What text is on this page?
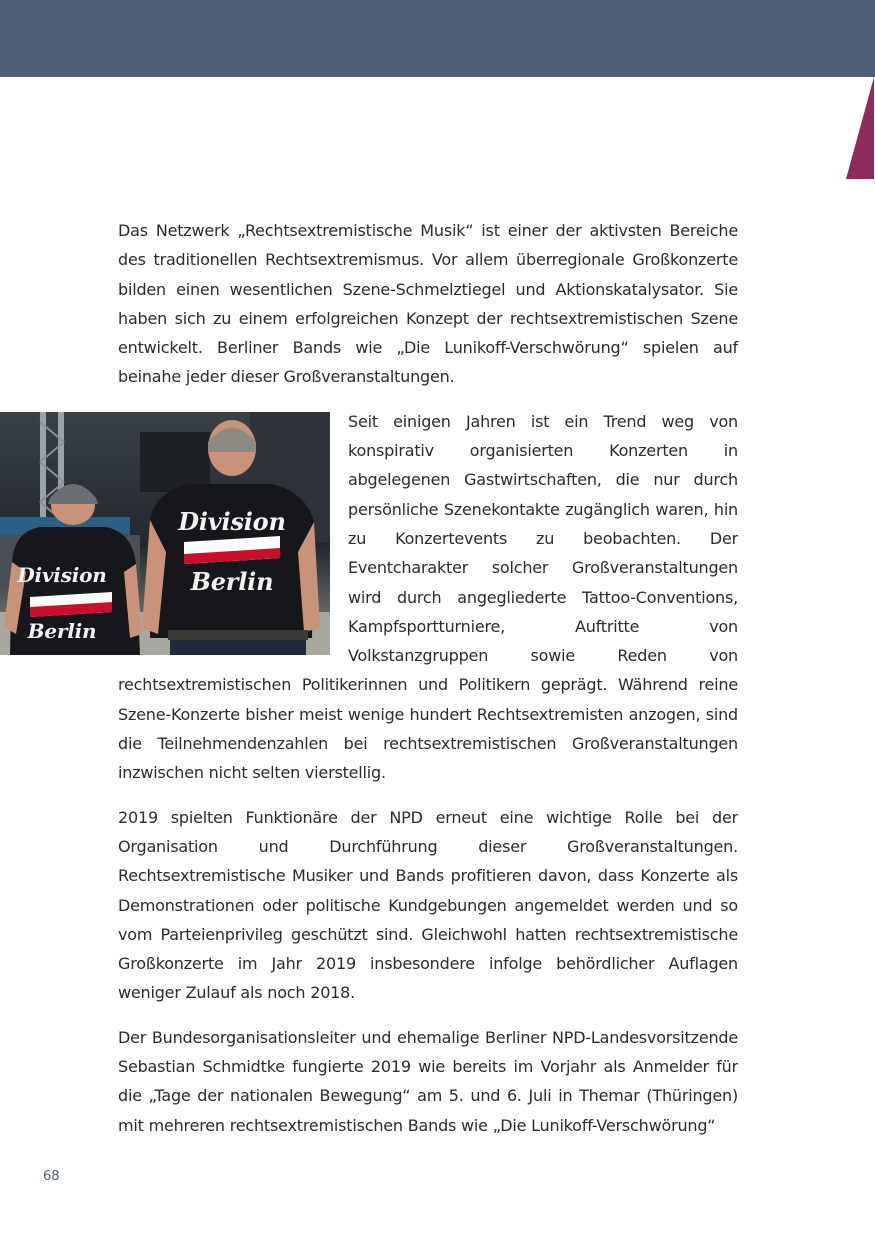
Das Netzwerk „Rechtsextremistische Musik“ ist einer der aktivsten Bereiche des traditionellen Rechtsextremismus. Vor allem überregionale Großkonzerte bilden einen wesentlichen Szene-Schmelztiegel und Aktionskatalysator. Sie haben sich zu einem erfolgreichen Konzept der rechtsextremistischen Szene entwickelt. Berliner Bands wie „Die Lunikoff-Verschwörung“ spielen auf beinahe jeder dieser Großveranstaltungen.

Division
Berlin
Division
Berlin

Seit einigen Jahren ist ein Trend weg von konspirativ organisierten Konzerten in abgelegenen Gastwirtschaften, die nur durch persönliche Szenekontakte zugänglich waren, hin zu Konzertevents zu beobachten. Der Eventcharakter solcher Großveranstaltungen wird durch angegliederte Tattoo-Conventions, Kampfsportturniere, Auftritte von Volkstanzgruppen sowie Reden von rechtsextremistischen Politikerinnen und Politikern geprägt. Während reine Szene-Konzerte bisher meist wenige hundert Rechtsextremisten anzogen, sind die Teilnehmendenzahlen bei rechtsextremistischen Großveranstaltungen inzwischen nicht selten vierstellig.

2019 spielten Funktionäre der NPD erneut eine wichtige Rolle bei der Organisation und Durchführung dieser Großveranstaltungen. Rechtsextremistische Musiker und Bands profitieren davon, dass Konzerte als Demonstrationen oder politische Kundgebungen angemeldet werden und so vom Parteienprivileg geschützt sind. Gleichwohl hatten rechtsextremistische Großkonzerte im Jahr 2019 insbesondere infolge behördlicher Auflagen weniger Zulauf als noch 2018.

Der Bundesorganisationsleiter und ehemalige Berliner NPD-Landesvorsitzende Sebastian Schmidtke fungierte 2019 wie bereits im Vorjahr als Anmelder für die „Tage der nationalen Bewegung“ am 5. und 6. Juli in Themar (Thüringen) mit mehreren rechtsextremistischen Bands wie „Die Lunikoff-Verschwörung“

68
